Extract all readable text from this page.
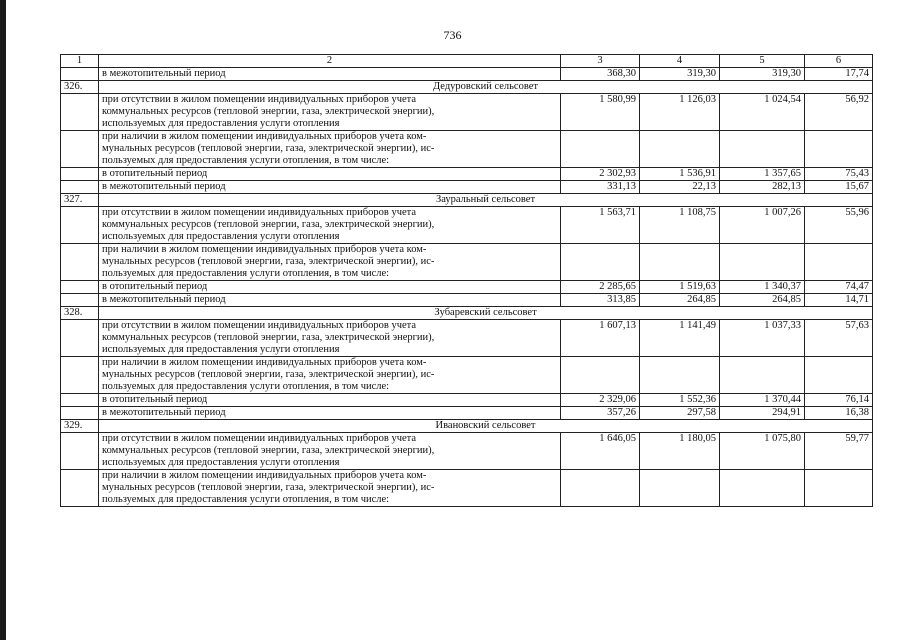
736
1	2	3	4	5	6

	в межотопительный период	368,30	319,30	319,30	17,74
326.	Дедуровский сельсовет				

	при отсутствии в жилом помещении индивидуальных приборов учета
коммунальных ресурсов (тепловой энергии, газа, электрической энергии),
используемых для предоставления услуги отопления	1 580,99	1 126,03	1 024,54	56,92

	при наличии в жилом помещении индивидуальных приборов учета ком-
мунальных ресурсов (тепловой энергии, газа, электрической энергии), ис-
пользуемых для предоставления услуги отопления, в том числе:				

	в отопительный период	2 302,93	1 536,91	1 357,65	75,43

	в межотопительный период	331,13	22,13	282,13	15,67
327.	Зауральный сельсовет				

	при отсутствии в жилом помещении индивидуальных приборов учета
коммунальных ресурсов (тепловой энергии, газа, электрической энергии),
используемых для предоставления услуги отопления	1 563,71	1 108,75	1 007,26	55,96

	при наличии в жилом помещении индивидуальных приборов учета ком-
мунальных ресурсов (тепловой энергии, газа, электрической энергии), ис-
пользуемых для предоставления услуги отопления, в том числе:				

	в отопительный период	2 285,65	1 519,63	1 340,37	74,47

	в межотопительный период	313,85	264,85	264,85	14,71
328.	Зубаревский сельсовет				

	при отсутствии в жилом помещении индивидуальных приборов учета
коммунальных ресурсов (тепловой энергии, газа, электрической энергии),
используемых для предоставления услуги отопления	1 607,13	1 141,49	1 037,33	57,63

	при наличии в жилом помещении индивидуальных приборов учета ком-
мунальных ресурсов (тепловой энергии, газа, электрической энергии), ис-
пользуемых для предоставления услуги отопления, в том числе:				

	в отопительный период	2 329,06	1 552,36	1 370,44	76,14

	в межотопительный период	357,26	297,58	294,91	16,38
329.	Ивановский сельсовет				

	при отсутствии в жилом помещении индивидуальных приборов учета
коммунальных ресурсов (тепловой энергии, газа, электрической энергии),
используемых для предоставления услуги отопления	1 646,05	1 180,05	1 075,80	59,77

	при наличии в жилом помещении индивидуальных приборов учета ком-
мунальных ресурсов (тепловой энергии, газа, электрической энергии), ис-
пользуемых для предоставления услуги отопления, в том числе:				
